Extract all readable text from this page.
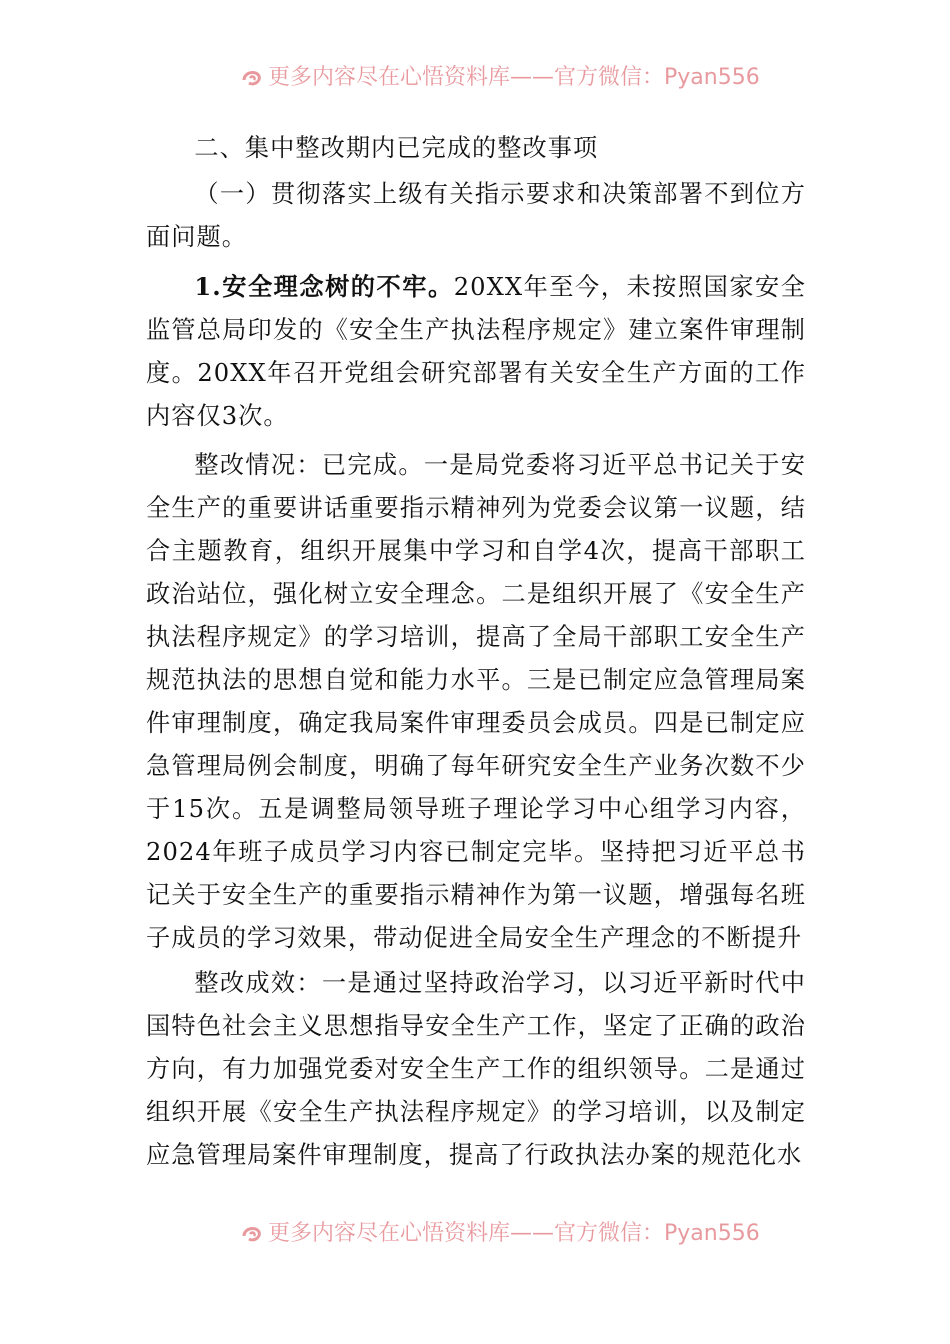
更多内容尽在心悟资料库——官方微信：Pyan556

二、集中整改期内已完成的整改事项

（一）贯彻落实上级有关指示要求和决策部署不到位方面问题。

1.安全理念树的不牢。20XX年至今，未按照国家安全监管总局印发的《安全生产执法程序规定》建立案件审理制度。20XX年召开党组会研究部署有关安全生产方面的工作内容仅3次。

整改情况：已完成。一是局党委将习近平总书记关于安全生产的重要讲话重要指示精神列为党委会议第一议题，结合主题教育，组织开展集中学习和自学4次，提高干部职工政治站位，强化树立安全理念。二是组织开展了《安全生产执法程序规定》的学习培训，提高了全局干部职工安全生产规范执法的思想自觉和能力水平。三是已制定应急管理局案件审理制度，确定我局案件审理委员会成员。四是已制定应急管理局例会制度，明确了每年研究安全生产业务次数不少于15次。五是调整局领导班子理论学习中心组学习内容，2024年班子成员学习内容已制定完毕。坚持把习近平总书记关于安全生产的重要指示精神作为第一议题，增强每名班子成员的学习效果，带动促进全局安全生产理念的不断提升

整改成效：一是通过坚持政治学习，以习近平新时代中国特色社会主义思想指导安全生产工作，坚定了正确的政治方向，有力加强党委对安全生产工作的组织领导。二是通过组织开展《安全生产执法程序规定》的学习培训，以及制定应急管理局案件审理制度，提高了行政执法办案的规范化水

更多内容尽在心悟资料库——官方微信：Pyan556
